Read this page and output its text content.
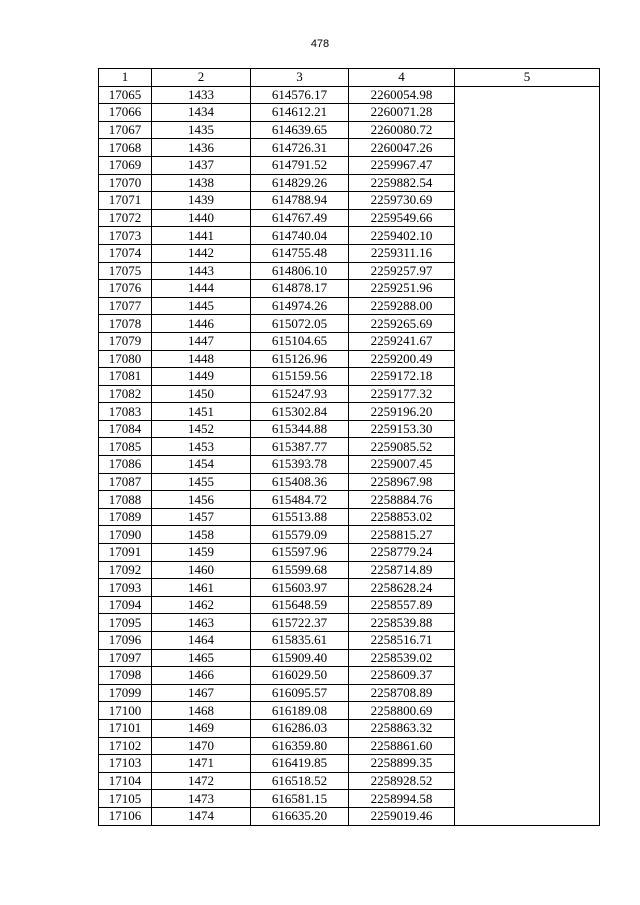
478
1	2	3	4	5
17065	1433	614576.17	2260054.98	
17066	1434	614612.21	2260071.28	
17067	1435	614639.65	2260080.72	
17068	1436	614726.31	2260047.26	
17069	1437	614791.52	2259967.47	
17070	1438	614829.26	2259882.54	
17071	1439	614788.94	2259730.69	
17072	1440	614767.49	2259549.66	
17073	1441	614740.04	2259402.10	
17074	1442	614755.48	2259311.16	
17075	1443	614806.10	2259257.97	
17076	1444	614878.17	2259251.96	
17077	1445	614974.26	2259288.00	
17078	1446	615072.05	2259265.69	
17079	1447	615104.65	2259241.67	
17080	1448	615126.96	2259200.49	
17081	1449	615159.56	2259172.18	
17082	1450	615247.93	2259177.32	
17083	1451	615302.84	2259196.20	
17084	1452	615344.88	2259153.30	
17085	1453	615387.77	2259085.52	
17086	1454	615393.78	2259007.45	
17087	1455	615408.36	2258967.98	
17088	1456	615484.72	2258884.76	
17089	1457	615513.88	2258853.02	
17090	1458	615579.09	2258815.27	
17091	1459	615597.96	2258779.24	
17092	1460	615599.68	2258714.89	
17093	1461	615603.97	2258628.24	
17094	1462	615648.59	2258557.89	
17095	1463	615722.37	2258539.88	
17096	1464	615835.61	2258516.71	
17097	1465	615909.40	2258539.02	
17098	1466	616029.50	2258609.37	
17099	1467	616095.57	2258708.89	
17100	1468	616189.08	2258800.69	
17101	1469	616286.03	2258863.32	
17102	1470	616359.80	2258861.60	
17103	1471	616419.85	2258899.35	
17104	1472	616518.52	2258928.52	
17105	1473	616581.15	2258994.58	
17106	1474	616635.20	2259019.46	
